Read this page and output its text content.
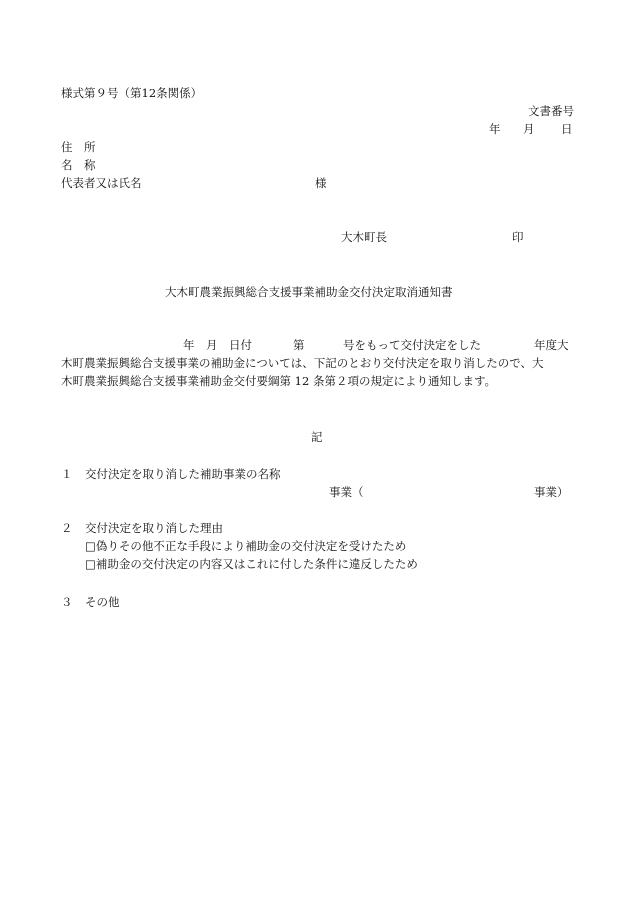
様式第９号（第12条関係）
文書番号
年 月 日
住　所
名　称
代表者又は氏名	様
大木町長	印
大木町農業振興総合支援事業補助金交付決定取消通知書
年　月　日付	第	号をもって交付決定をした	年度大
木町農業振興総合支援事業の補助金については、下記のとおり交付決定を取り消したので、大
木町農業振興総合支援事業補助金交付要綱第 12 条第２項の規定により通知します。
記
１ 交付決定を取り消した補助事業の名称
事業（	事業）
２ 交付決定を取り消した理由
□偽りその他不正な手段により補助金の交付決定を受けたため
□補助金の交付決定の内容又はこれに付した条件に違反したため
３ その他
